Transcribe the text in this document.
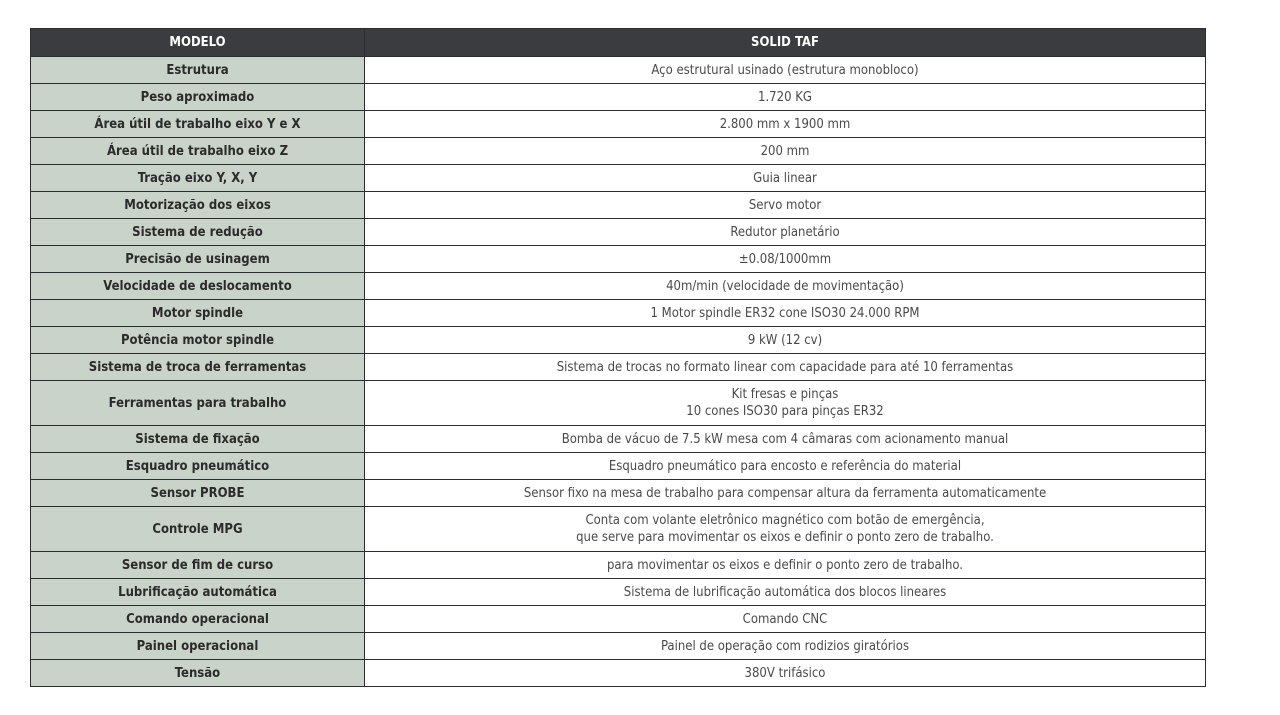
MODELO	SOLID TAF
Estrutura	Aço estrutural usinado (estrutura monobloco)

Peso aproximado	1.720 KG

Área útil de trabalho eixo Y e X	2.800 mm x 1900 mm

Área útil de trabalho eixo Z	200 mm

Tração eixo Y, X, Y	Guia linear

Motorização dos eixos	Servo motor

Sistema de redução	Redutor planetário

Precisão de usinagem	±0.08/1000mm

Velocidade de deslocamento	40m/min (velocidade de movimentação)

Motor spindle	1 Motor spindle ER32 cone ISO30 24.000 RPM

Potência motor spindle	9 kW (12 cv)

Sistema de troca de ferramentas	Sistema de trocas no formato linear com capacidade para até 10 ferramentas

Ferramentas para trabalho	Kit fresas e pinças
10 cones ISO30 para pinças ER32

Sistema de fixação	Bomba de vácuo de 7.5 kW mesa com 4 câmaras com acionamento manual

Esquadro pneumático	Esquadro pneumático para encosto e referência do material

Sensor PROBE	Sensor fixo na mesa de trabalho para compensar altura da ferramenta automaticamente

Controle MPG	Conta com volante eletrônico magnético com botão de emergência,
que serve para movimentar os eixos e definir o ponto zero de trabalho.

Sensor de fim de curso	para movimentar os eixos e definir o ponto zero de trabalho.

Lubrificação automática	Sistema de lubrificação automática dos blocos lineares

Comando operacional	Comando CNC

Painel operacional	Painel de operação com rodizios giratórios

Tensão	380V trifásico
